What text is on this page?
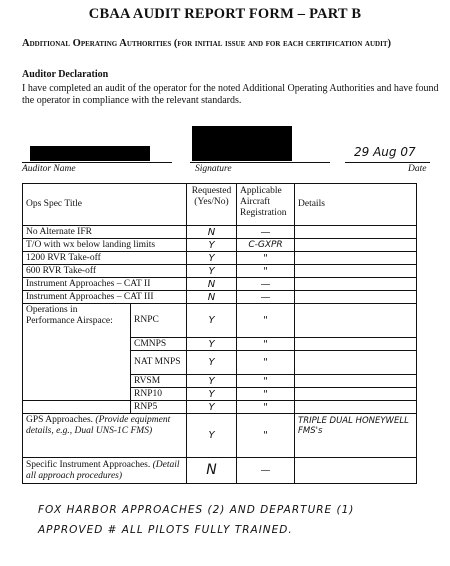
CBAA AUDIT REPORT FORM – PART B
Additional Operating Authorities (for initial issue and for each certification audit)
Auditor Declaration
I have completed an audit of the operator for the noted Additional Operating Authorities and have found the operator in compliance with the relevant standards.
Auditor Name	Signature	Date
29 Aug 07
Ops Spec Title		Requested (Yes/No)	Applicable Aircraft Registration	Details
No Alternate IFR		N	—	
T/O with wx below landing limits		Y	C-GXPR	
1200 RVR Take-off		Y	"	
600 RVR Take-off		Y	"	
Instrument Approaches – CAT II		N	—	
Instrument Approaches – CAT III		N	—	
Operations in Performance Airspace:	RNPC	Y	"	
	CMNPS	Y	"	
	NAT MNPS	Y	"	
	RVSM	Y	"	
	RNP10	Y	"	
	RNP5	Y	"	
GPS Approaches. (Provide equipment details, e.g., Dual UNS-1C FMS)		Y	"	TRIPLE DUAL HONEYWELL FMS's
Specific Instrument Approaches. (Detail all approach procedures)		N	—	
FOX HARBOR APPROACHES (2) AND DEPARTURE (1)
APPROVED # ALL PILOTS FULLY TRAINED.
